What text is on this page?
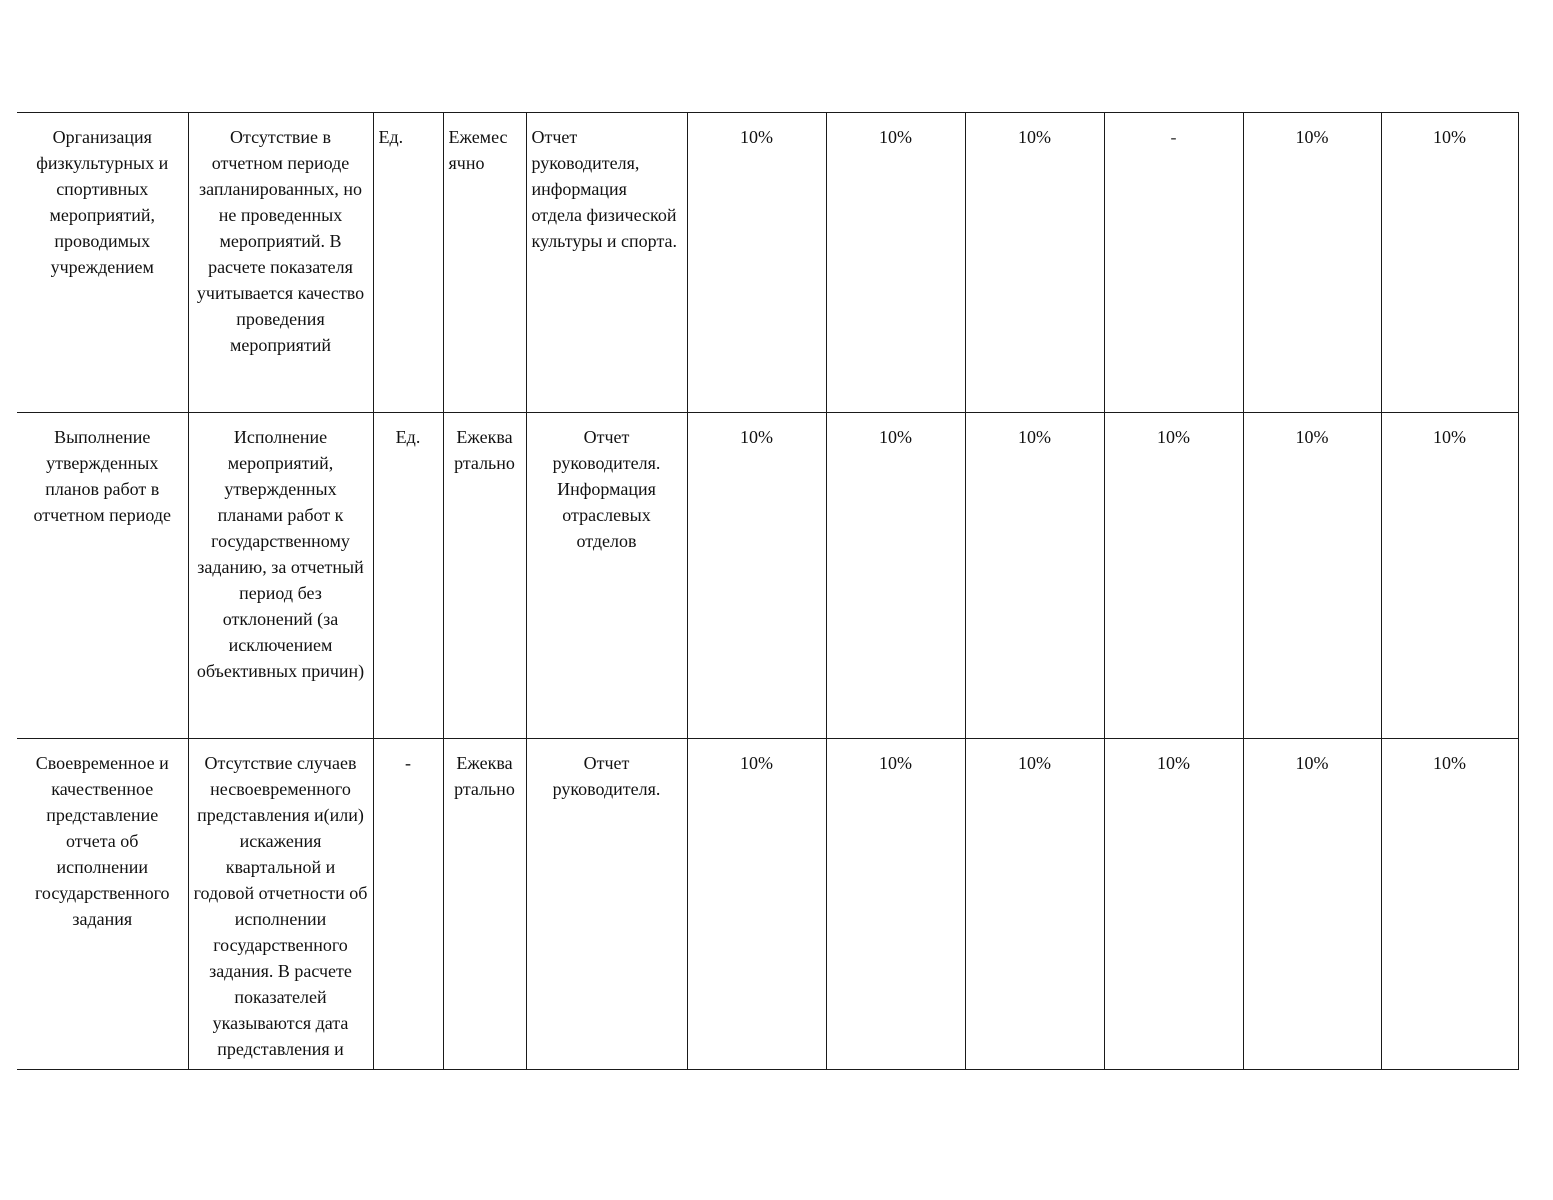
Организация физкультурных и спортивных мероприятий, проводимых учреждением	Отсутствие в отчетном периоде запланированных, но не проведенных мероприятий. В расчете показателя учитывается качество проведения мероприятий	Ед.	Ежемес ячно	Отчет руководителя, информация отдела физической культуры и спорта.	10%	10%	10%	-	10%	10%
Выполнение утвержденных планов работ в отчетном периоде	Исполнение мероприятий, утвержденных планами работ к государственному заданию, за отчетный период без отклонений (за исключением объективных причин)	Ед.	Ежеква ртально	Отчет руководителя. Информация отраслевых отделов	10%	10%	10%	10%	10%	10%
Своевременное и качественное представление отчета об исполнении государственного задания	Отсутствие случаев несвоевременного представления и(или) искажения квартальной и годовой отчетности об исполнении государственного задания. В расчете показателей указываются дата представления и	-	Ежеква ртально	Отчет руководителя.	10%	10%	10%	10%	10%	10%
